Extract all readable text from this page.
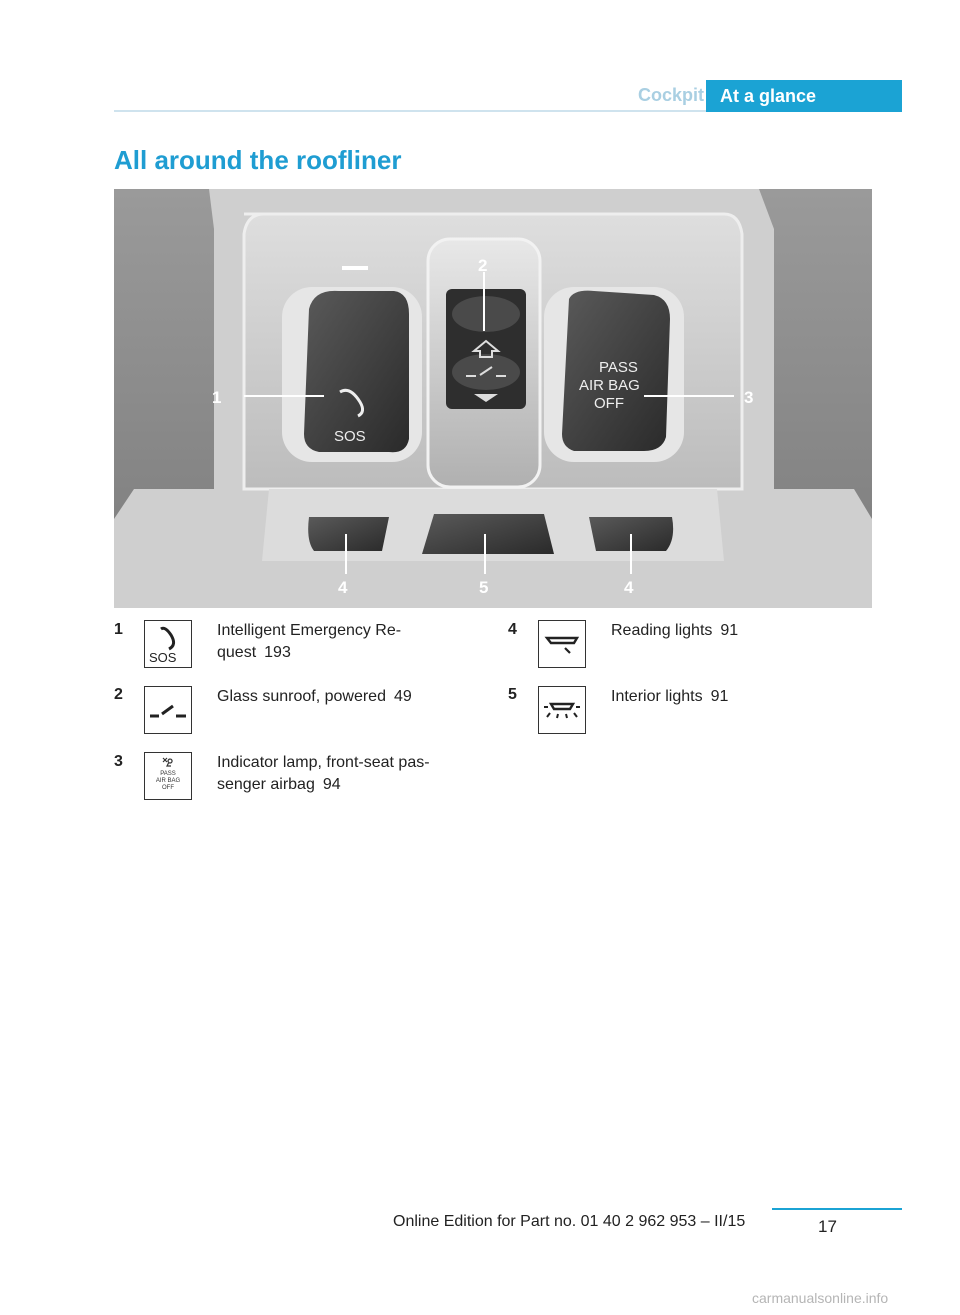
Cockpit At a glance
All around the roofliner
SOS
PASS
AIR BAG
OFF
1
2
3
4	5	4
1
SOS
Intelligent Emergency Re-
quest 193
2	Glass sunroof, powered 49
3
PASS
AIR BAG
OFF
Indicator lamp, front-seat pas-
senger airbag 94
4	Reading lights 91
5	Interior lights 91
Online Edition for Part no. 01 40 2 962 953 – II/15	17
carmanualsonline.info
